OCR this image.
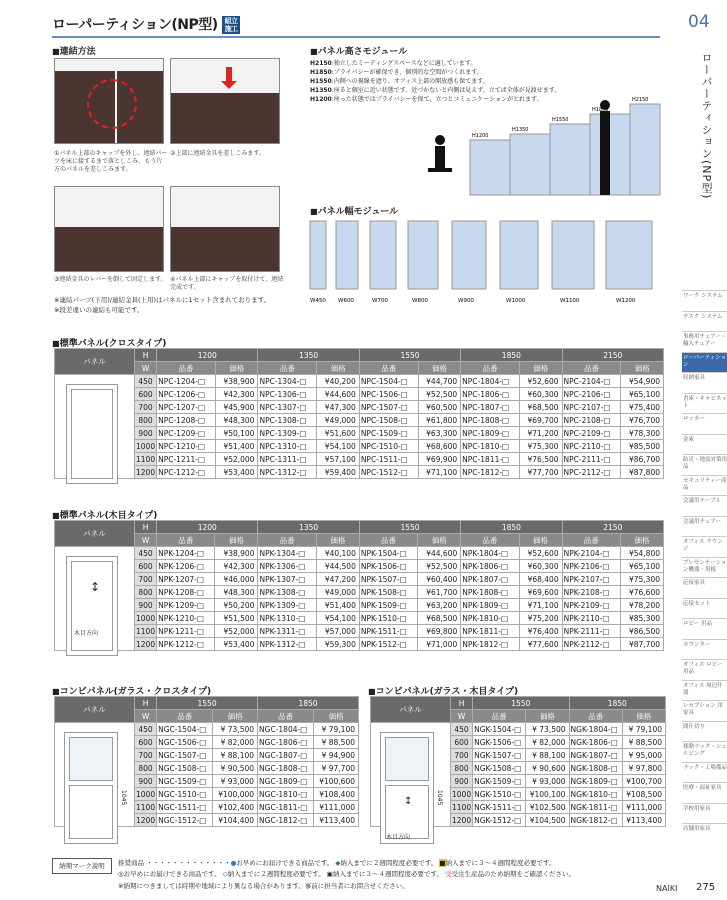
ローパーティション(NP型) 組立施工	04
ローパーティション(NP型)
ワーク システム
デスク システム
事務用チェアー・輸入チェアー
ローパーティション
収納家具
書庫・キャビネット
ロッカー
金庫
防災・地震対策用品
セキュリティー商品
会議用テーブル
会議用チェアー
オフィス ラウンジ
プレゼンテーション機器・黒板
応接家具
応接セット
ロビー 用品
カウンター
オフィス ロビー用品
オフィス 周辺什器
レセプション 用家具
間仕切り
移動ラック・シェルビング
ラック・工場備品
医療・福祉家具
学校用家具
店舗用家具
■ 連結方法
①パネル上部のキャップを外し、連結パーツを床に接するまで落としこみ、もう片方のパネルを差しこみます。
②上部に連結金具を差しこみます。
③連結金具のレバーを倒して固定します。 ④パネル上部にキャップを取付けて、連結完成です。
※連結パーツ(下用)/連結金具(上用)はパネルに1セット含まれております。
※段差違いの連結も可能です。
■ パネル高さモジュール
H2150:独立したミーティングスペースなどに適しています。
H1850:プライバシーが確保でき、個別的な空間がつくれます。
H1550:内側への視線を遮り、オフィス上部の開放感も保てます。
H1350:座ると個室に近い状態です。近づかないと内側は見えず、立てば全体が見渡せます。
H1200:座った状態ではプライバシーを保て、立つとコミュニケーションがとれます。
H1200
H1350
H1550
H1850
H2150
■ パネル幅モジュール
W450 W600	W700	W800	W900	W1000	W1100	W1200
■ 標準パネル(クロスタイプ)
パネル	H	1200		1350		1550		1850		2150	
	W	品番	価格	品番	価格	品番	価格	品番	価格	品番	価格
	450	NPC-1204-□	¥38,900	NPC-1304-□	¥40,200	NPC-1504-□	¥44,700	NPC-1804-□	¥52,600	NPC-2104-□	¥54,900
	600	NPC-1206-□	¥42,300	NPC-1306-□	¥44,600	NPC-1506-□	¥52,500	NPC-1806-□	¥60,300	NPC-2106-□	¥65,100
	700	NPC-1207-□	¥45,900	NPC-1307-□	¥47,300	NPC-1507-□	¥60,500	NPC-1807-□	¥68,500	NPC-2107-□	¥75,400
	800	NPC-1208-□	¥48,300	NPC-1308-□	¥49,000	NPC-1508-□	¥61,800	NPC-1808-□	¥69,700	NPC-2108-□	¥76,700
	900	NPC-1209-□	¥50,100	NPC-1309-□	¥51,600	NPC-1509-□	¥63,300	NPC-1809-□	¥71,200	NPC-2109-□	¥78,300
	1000	NPC-1210-□	¥51,400	NPC-1310-□	¥54,100	NPC-1510-□	¥68,600	NPC-1810-□	¥75,300	NPC-2110-□	¥85,500
	1100	NPC-1211-□	¥52,000	NPC-1311-□	¥57,100	NPC-1511-□	¥69,900	NPC-1811-□	¥76,500	NPC-2111-□	¥86,700
	1200	NPC-1212-□	¥53,400	NPC-1312-□	¥59,400	NPC-1512-□	¥71,100	NPC-1812-□	¥77,700	NPC-2112-□	¥87,800
■ 標準パネル(木目タイプ)
パネル	H	1200		1350		1550		1850		2150	
	W	品番	価格	品番	価格	品番	価格	品番	価格	品番	価格
	450	NPK-1204-□	¥38,900	NPK-1304-□	¥40,100	NPK-1504-□	¥44,600	NPK-1804-□	¥52,600	NPK-2104-□	¥54,800
	600	NPK-1206-□	¥42,300	NPK-1306-□	¥44,500	NPK-1506-□	¥52,500	NPK-1806-□	¥60,300	NPK-2106-□	¥65,100
	700	NPK-1207-□	¥46,000	NPK-1307-□	¥47,200	NPK-1507-□	¥60,400	NPK-1807-□	¥68,400	NPK-2107-□	¥75,300
	800	NPK-1208-□	¥48,300	NPK-1308-□	¥49,000	NPK-1508-□	¥61,700	NPK-1808-□	¥69,600	NPK-2108-□	¥76,600
	900	NPK-1209-□	¥50,200	NPK-1309-□	¥51,400	NPK-1509-□	¥63,200	NPK-1809-□	¥71,100	NPK-2109-□	¥78,200
	1000	NPK-1210-□	¥51,500	NPK-1310-□	¥54,100	NPK-1510-□	¥68,500	NPK-1810-□	¥75,200	NPK-2110-□	¥85,300
	1100	NPK-1211-□	¥52,000	NPK-1311-□	¥57,000	NPK-1511-□	¥69,800	NPK-1811-□	¥76,400	NPK-2111-□	¥86,500
	1200	NPK-1212-□	¥53,400	NPK-1312-□	¥59,300	NPK-1512-□	¥71,000	NPK-1812-□	¥77,600	NPK-2112-□	¥87,700
↕
木目方向
■ コンビパネル(ガラス・クロスタイプ)
パネル	H	1550		1850	
	W	品番	価格	品番	価格
	450	NGC-1504-□	¥ 73,500	NGC-1804-□	¥ 79,100
	600	NGC-1506-□	¥ 82,000	NGC-1806-□	¥ 88,500
	700	NGC-1507-□	¥ 88,100	NGC-1807-□	¥ 94,900
	800	NGC-1508-□	¥ 90,500	NGC-1808-□	¥ 97,700
	900	NGC-1509-□	¥ 93,000	NGC-1809-□	¥100,600
	1000	NGC-1510-□	¥100,000	NGC-1810-□	¥108,400
	1100	NGC-1511-□	¥102,400	NGC-1811-□	¥111,000
	1200	NGC-1512-□	¥104,400	NGC-1812-□	¥113,400
1045
■ コンビパネル(ガラス・木目タイプ)
パネル	H	1550		1850	
	W	品番	価格	品番	価格
	450	NGK-1504-□	¥ 73,500	NGK-1804-□	¥ 79,100
	600	NGK-1506-□	¥ 82,000	NGK-1806-□	¥ 88,500
	700	NGK-1507-□	¥ 88,100	NGK-1807-□	¥ 95,000
	800	NGK-1508-□	¥ 90,600	NGK-1808-□	¥ 97,800
	900	NGK-1509-□	¥ 93,000	NGK-1809-□	¥100,700
	1000	NGK-1510-□	¥100,100	NGK-1810-□	¥108,500
	1100	NGK-1511-□	¥102,500	NGK-1811-□	¥111,000
	1200	NGK-1512-□	¥104,500	NGK-1812-□	¥113,400
↕
木目方向
1045
納期マーク説明	推奨商品 ・・・・・・・・・・・・・●お早めにお届けできる商品です。 ◆納入までに２週間程度必要です。 ■納入までに３～４週間程度必要です。
◎お早めにお届けできる商品です。 ◇納入までに２週間程度必要です。 ▣納入までに３～４週間程度必要です。 受受注生産品のため納期をご確認ください。
※納期につきましては時期や地域により異なる場合があります。事前に担当者にお問合せください。	NAIKI 275
